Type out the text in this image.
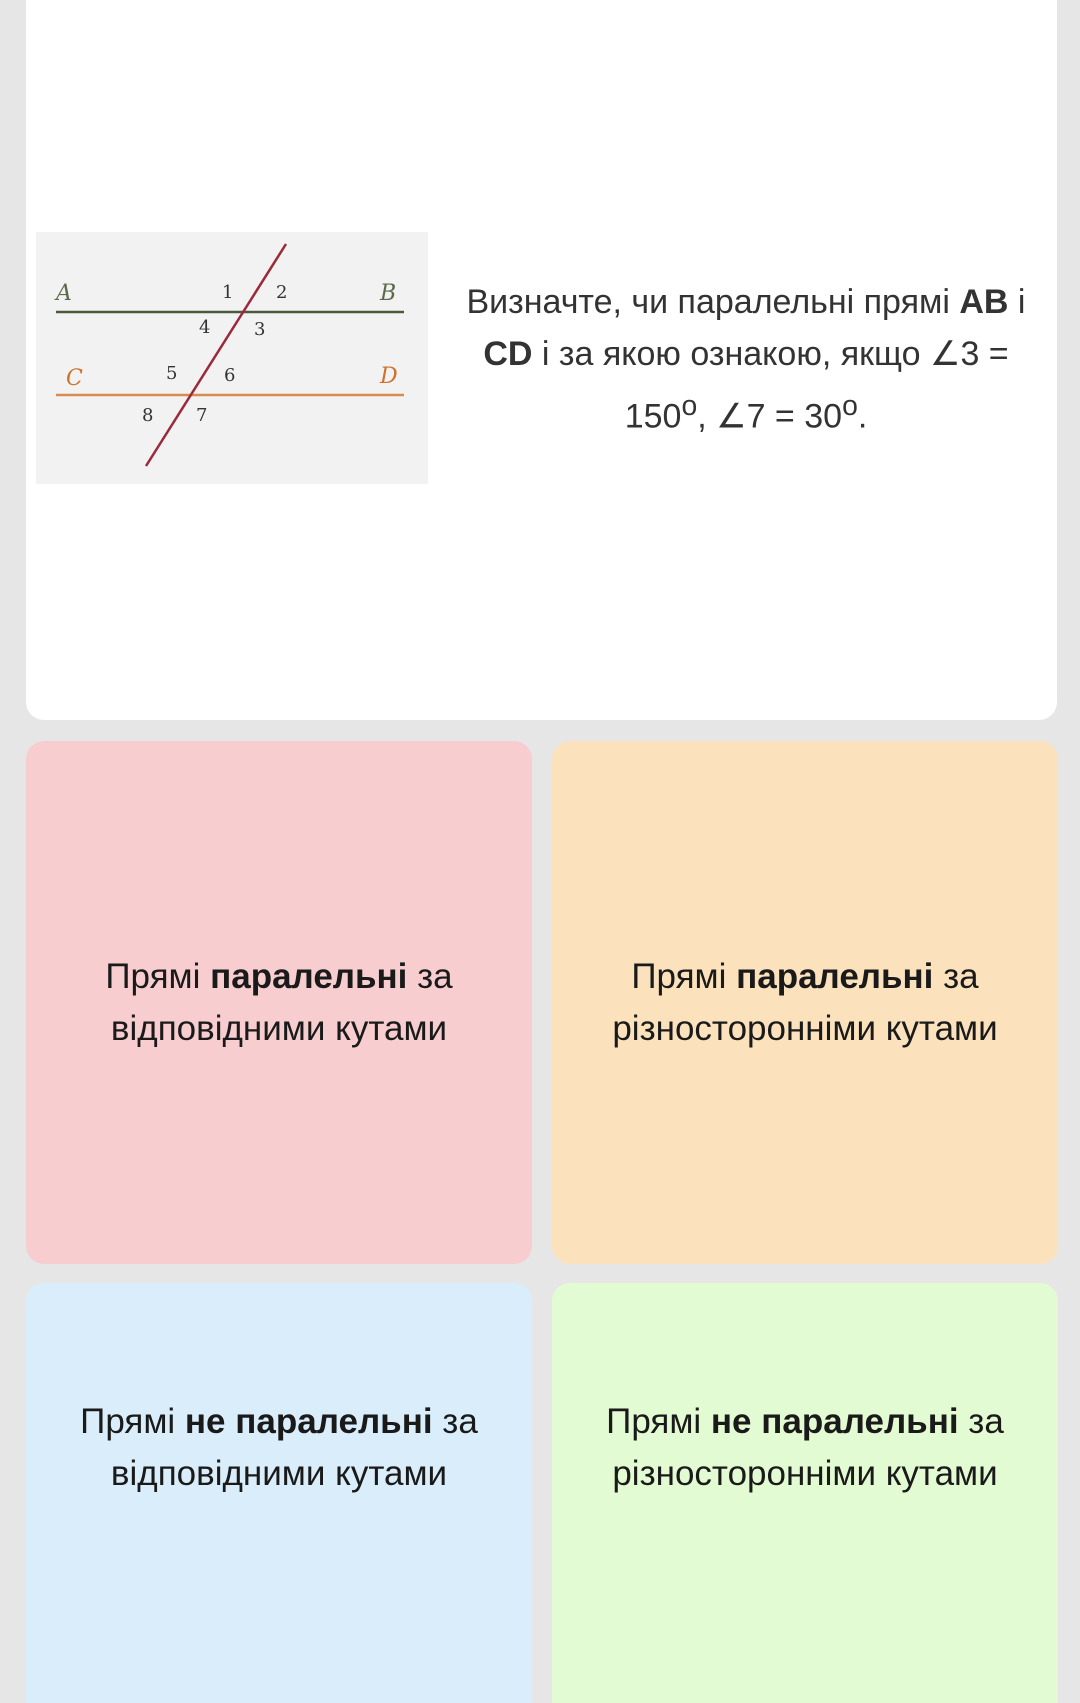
A	B
C	D
1 2
3
4
5	6
7
8
Визначте, чи паралельні прямі AB і CD і за якою ознакою, якщо ∠3 = $150^o$, ∠7 = $30^o$.
Прямі паралельні за відповідними кутами
Прямі паралельні за різносторонніми кутами
Прямі не паралельні за відповідними кутами
Прямі не паралельні за різносторонніми кутами
